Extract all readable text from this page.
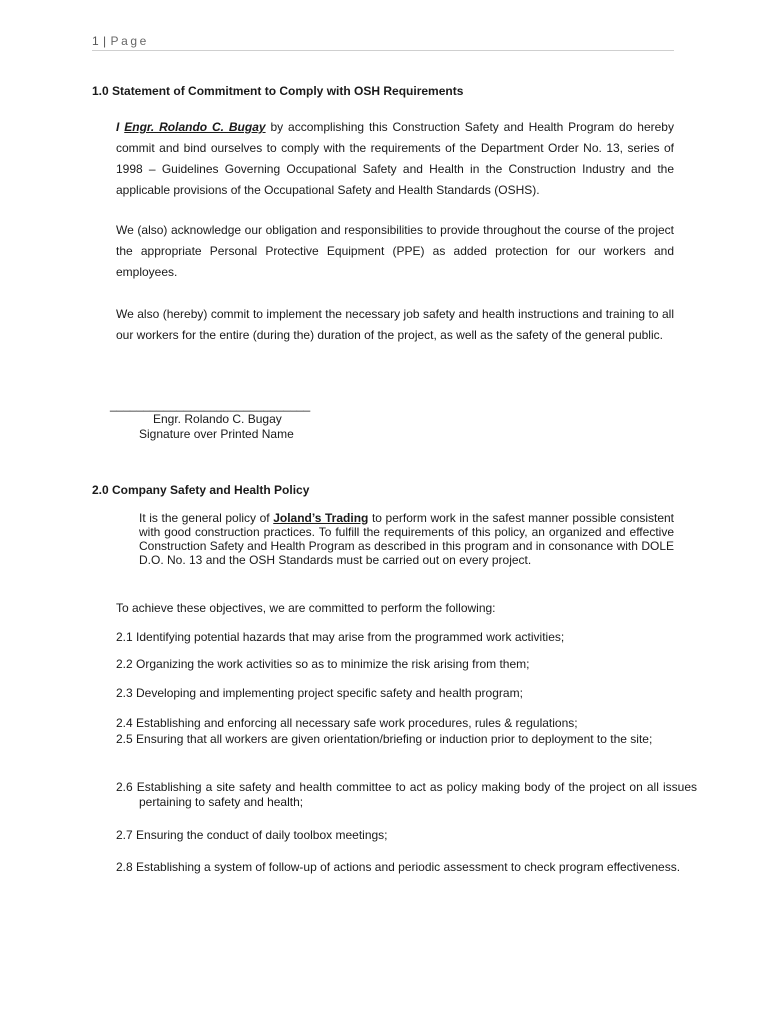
1 | Page
1.0 Statement of Commitment to Comply with OSH Requirements

I Engr. Rolando C. Bugay by accomplishing this Construction Safety and Health Program do hereby commit and bind ourselves to comply with the requirements of the Department Order No. 13, series of 1998 – Guidelines Governing Occupational Safety and Health in the Construction Industry and the applicable provisions of the Occupational Safety and Health Standards (OSHS).

We (also) acknowledge our obligation and responsibilities to provide throughout the course of the project the appropriate Personal Protective Equipment (PPE) as added protection for our workers and employees.

We also (hereby) commit to implement the necessary job safety and health instructions and training to all our workers for the entire (during the) duration of the project, as well as the safety of the general public.

______________________________

Engr. Rolando C. Bugay

Signature over Printed Name

2.0 Company Safety and Health Policy

It is the general policy of Joland’s Trading to perform work in the safest manner possible consistent with good construction practices. To fulfill the requirements of this policy, an organized and effective Construction Safety and Health Program as described in this program and in consonance with DOLE D.O. No. 13 and the OSH Standards must be carried out on every project.

To achieve these objectives, we are committed to perform the following:

2.1 Identifying potential hazards that may arise from the programmed work activities;

2.2 Organizing the work activities so as to minimize the risk arising from them;

2.3 Developing and implementing project specific safety and health program;

2.4 Establishing and enforcing all necessary safe work procedures, rules & regulations;

2.5 Ensuring that all workers are given orientation/briefing or induction prior to deployment to the site;

2.6 Establishing a site safety and health committee to act as policy making body of the project on all issues pertaining to safety and health;

2.7 Ensuring the conduct of daily toolbox meetings;

2.8 Establishing a system of follow-up of actions and periodic assessment to check program effectiveness.
